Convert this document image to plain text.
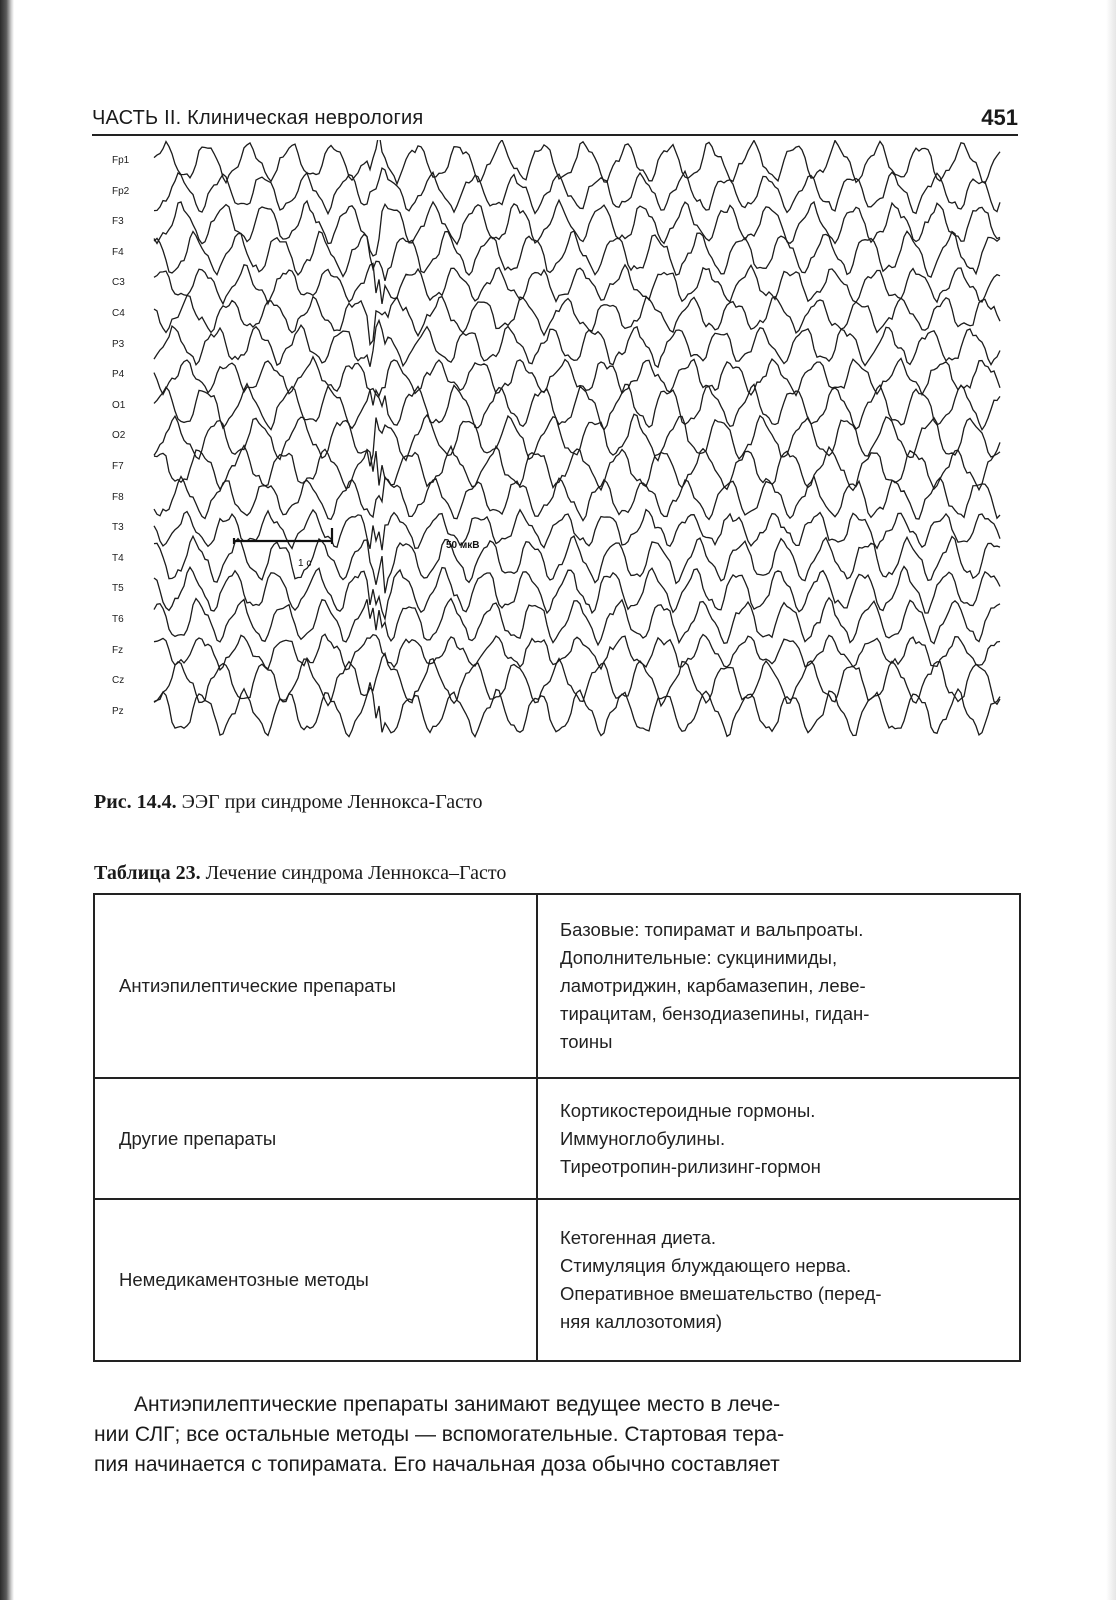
ЧАСТЬ II. Клиническая неврология	451
Fp1
Fp2
F3
F4
C3
C4
P3
P4
O1
O2
F7
F8
T3
T4
T5
T6
Fz
Cz
Pz
50 мкВ
1 с
Рис. 14.4. ЭЭГ при синдроме Леннокса-Гасто
Таблица 23. Лечение синдрома Леннокса–Гасто
Антиэпилептические препараты	Базовые: топирамат и вальпроаты.
Дополнительные: сукцинимиды,
ламотриджин, карбамазепин, леве-
тирацитам, бензодиазепины, гидан-
тоины

Другие препараты	Кортикостероидные гормоны.
Иммуноглобулины.
Тиреотропин-рилизинг-гормон

Немедикаментозные методы	Кетогенная диета.
Стимуляция блуждающего нерва.
Оперативное вмешательство (перед-
няя каллозотомия)
Антиэпилептические препараты занимают ведущее место в лече-
нии СЛГ; все остальные методы — вспомогательные. Стартовая тера-
пия начинается с топирамата. Его начальная доза обычно составляет
